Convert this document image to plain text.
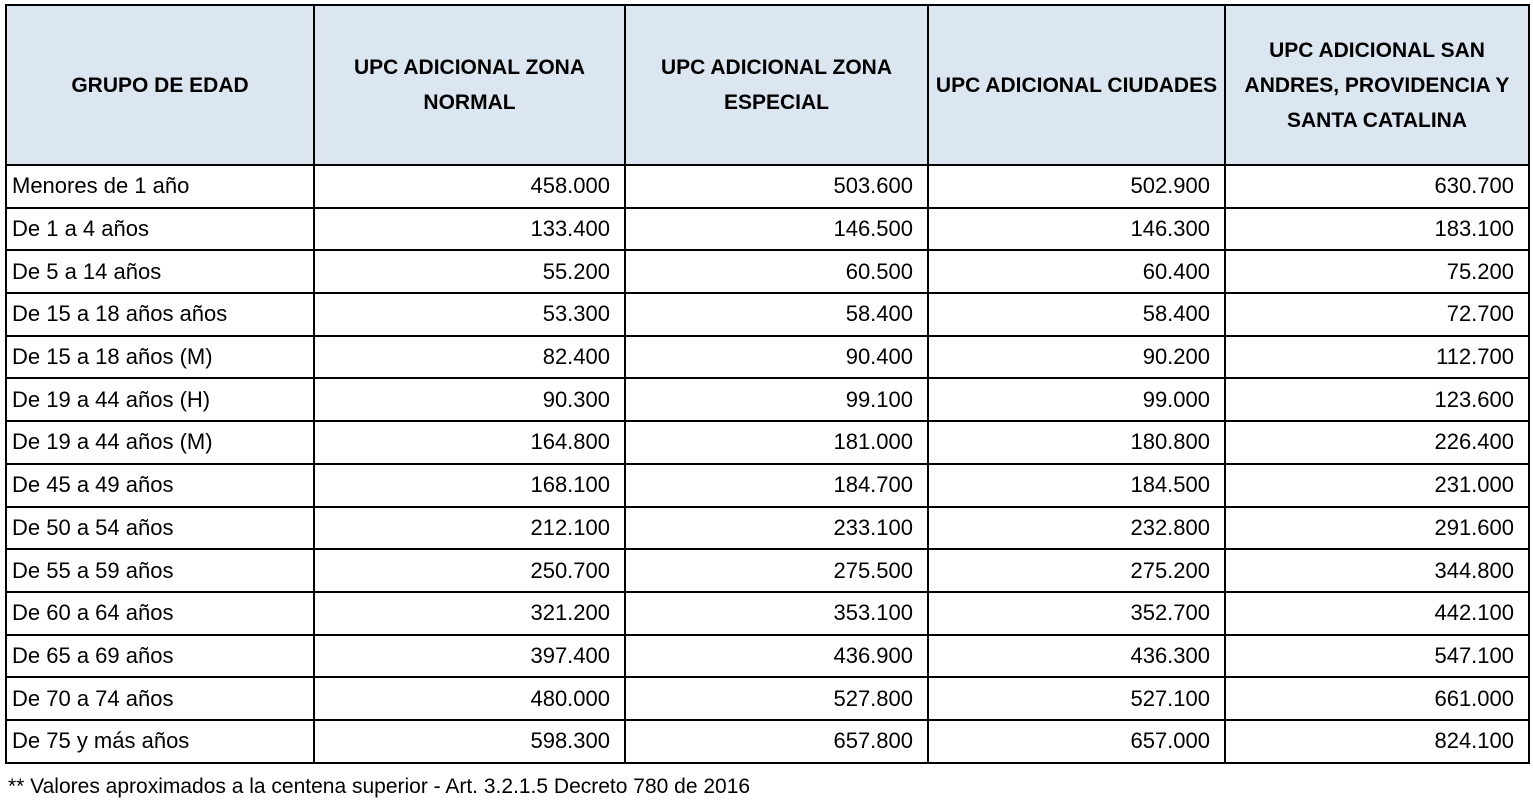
GRUPO DE EDAD	UPC ADICIONAL ZONA NORMAL	UPC ADICIONAL ZONA ESPECIAL	UPC ADICIONAL CIUDADES	UPC ADICIONAL SAN ANDRES, PROVIDENCIA Y SANTA CATALINA
Menores de 1 año	458.000	503.600	502.900	630.700
De 1 a 4 años	133.400	146.500	146.300	183.100
De 5 a 14 años	55.200	60.500	60.400	75.200
De 15 a 18 años años	53.300	58.400	58.400	72.700
De 15 a 18 años (M)	82.400	90.400	90.200	112.700
De 19 a 44 años (H)	90.300	99.100	99.000	123.600
De 19 a 44 años (M)	164.800	181.000	180.800	226.400
De 45 a 49 años	168.100	184.700	184.500	231.000
De 50 a 54 años	212.100	233.100	232.800	291.600
De 55 a 59 años	250.700	275.500	275.200	344.800
De 60 a 64 años	321.200	353.100	352.700	442.100
De 65 a 69 años	397.400	436.900	436.300	547.100
De 70 a 74 años	480.000	527.800	527.100	661.000
De 75 y más años	598.300	657.800	657.000	824.100
** Valores aproximados a la centena superior - Art. 3.2.1.5 Decreto 780 de 2016
